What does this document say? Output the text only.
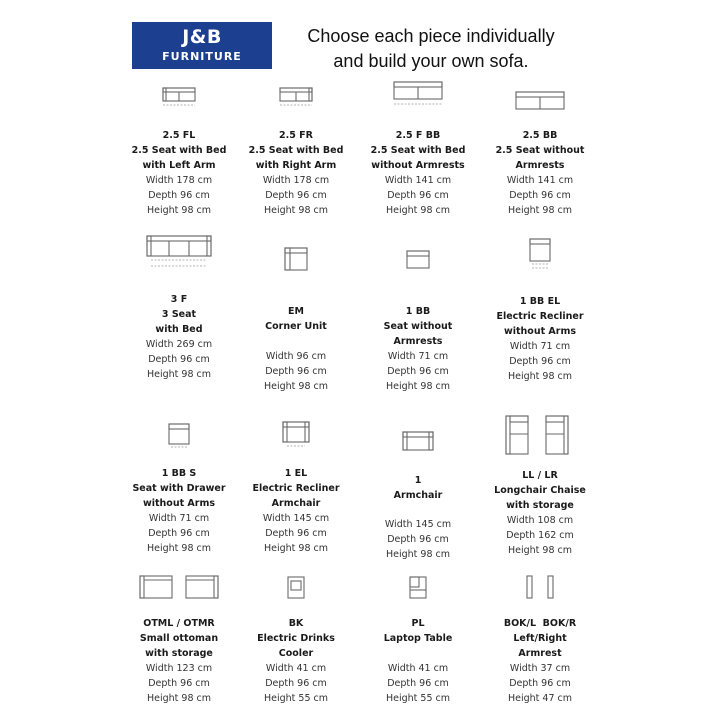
J&B
FURNITURE
Choose each piece individually
and build your own sofa.
2.5 FL
2.5 Seat with Bed
with Left Arm
Width 178 cm
Depth 96 cm
Height 98 cm
2.5 FR
2.5 Seat with Bed
with Right Arm
Width 178 cm
Depth 96 cm
Height 98 cm
2.5 F BB
2.5 Seat with Bed
without Armrests
Width 141 cm
Depth 96 cm
Height 98 cm
2.5 BB
2.5 Seat without
Armrests
Width 141 cm
Depth 96 cm
Height 98 cm
3 F
3 Seat
with Bed
Width 269 cm
Depth 96 cm
Height 98 cm
EM
Corner Unit
Width 96 cm
Depth 96 cm
Height 98 cm
1 BB
Seat without
Armrests
Width 71 cm
Depth 96 cm
Height 98 cm
1 BB EL
Electric Recliner
without Arms
Width 71 cm
Depth 96 cm
Height 98 cm
1 BB S
Seat with Drawer
without Arms
Width 71 cm
Depth 96 cm
Height 98 cm
1 EL
Electric Recliner
Armchair
Width 145 cm
Depth 96 cm
Height 98 cm
1
Armchair
Width 145 cm
Depth 96 cm
Height 98 cm
LL / LR
Longchair Chaise
with storage
Width 108 cm
Depth 162 cm
Height 98 cm
OTML / OTMR
Small ottoman
with storage
Width 123 cm
Depth 96 cm
Height 98 cm
BK
Electric Drinks
Cooler
Width 41 cm
Depth 96 cm
Height 55 cm
PL
Laptop Table
Width 41 cm
Depth 96 cm
Height 55 cm
BOK/L  BOK/R
Left/Right
Armrest
Width 37 cm
Depth 96 cm
Height 47 cm
